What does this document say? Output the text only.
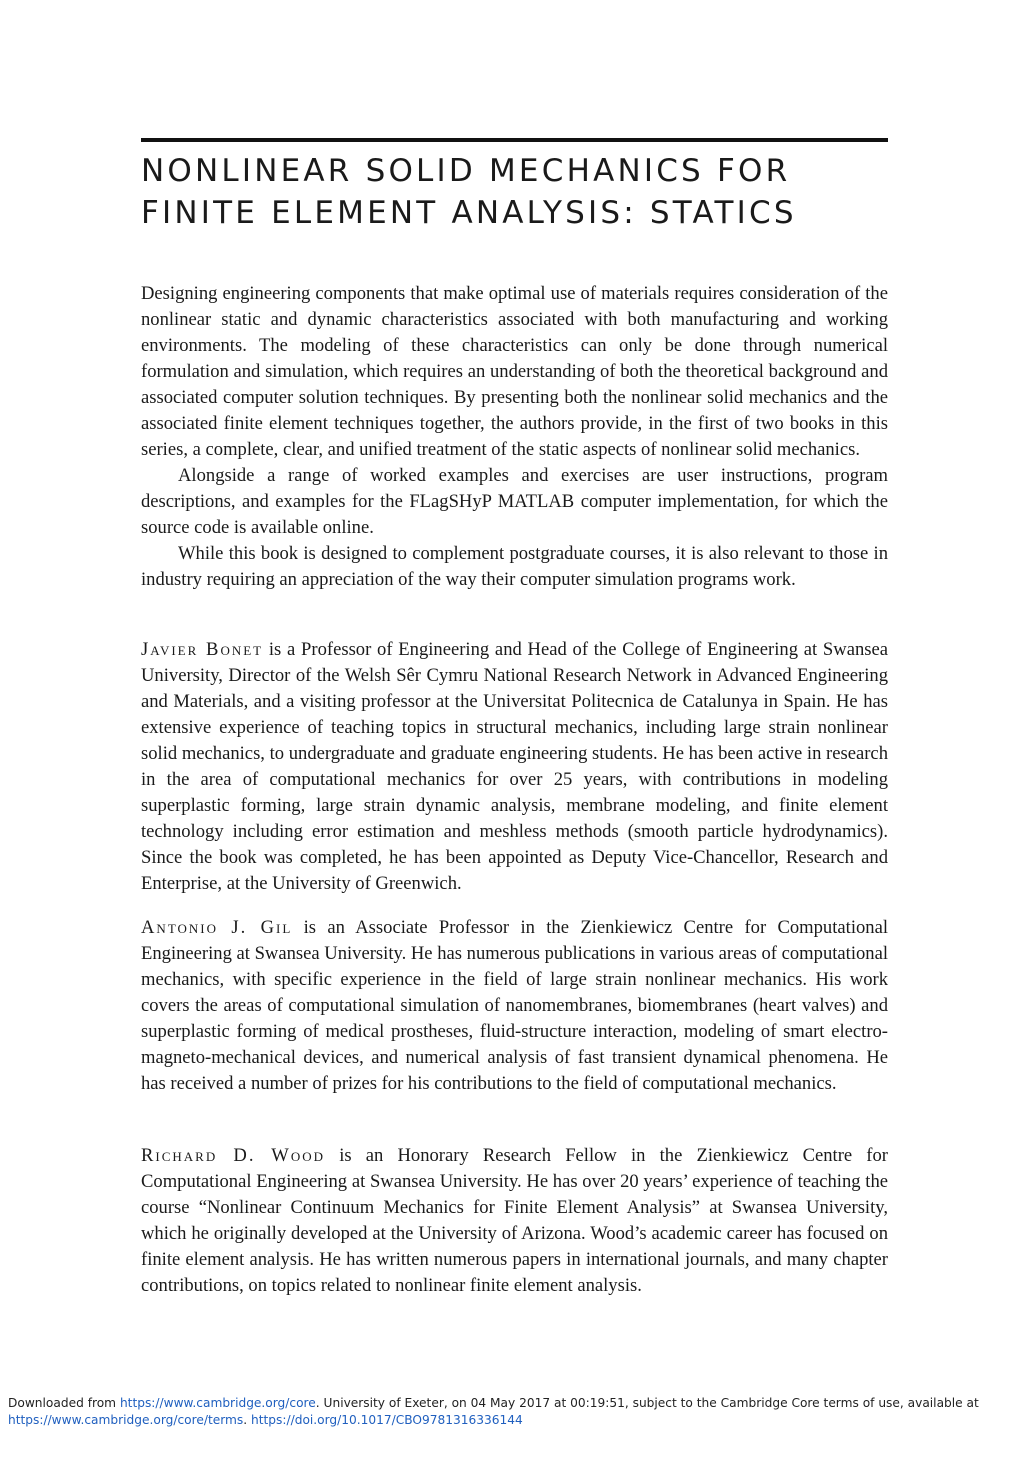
NONLINEAR SOLID MECHANICS FOR
FINITE ELEMENT ANALYSIS: STATICS

Designing engineering components that make optimal use of materials requires consideration of the nonlinear static and dynamic characteristics associated with both manufacturing and working environments. The modeling of these characteristics can only be done through numerical formulation and simulation, which requires an understanding of both the theoretical background and associated computer solution techniques. By presenting both the nonlinear solid mechanics and the associated finite element techniques together, the authors provide, in the first of two books in this series, a complete, clear, and unified treatment of the static aspects of nonlinear solid mechanics.

Alongside a range of worked examples and exercises are user instructions, program descriptions, and examples for the FLagSHyP MATLAB computer implementation, for which the source code is available online.

While this book is designed to complement postgraduate courses, it is also relevant to those in industry requiring an appreciation of the way their computer simulation programs work.

Javier Bonet is a Professor of Engineering and Head of the College of Engineering at Swansea University, Director of the Welsh Sêr Cymru National Research Network in Advanced Engineering and Materials, and a visiting professor at the Universitat Politecnica de Catalunya in Spain. He has extensive experience of teaching topics in structural mechanics, including large strain nonlinear solid mechanics, to undergraduate and graduate engineering students. He has been active in research in the area of computational mechanics for over 25 years, with contributions in modeling superplastic forming, large strain dynamic analysis, membrane modeling, and finite element technology including error estimation and meshless methods (smooth particle hydrodynamics). Since the book was completed, he has been appointed as Deputy Vice-Chancellor, Research and Enterprise, at the University of Greenwich.

Antonio J. Gil is an Associate Professor in the Zienkiewicz Centre for Computational Engineering at Swansea University. He has numerous publications in various areas of computational mechanics, with specific experience in the field of large strain nonlinear mechanics. His work covers the areas of computational simulation of nanomembranes, biomembranes (heart valves) and superplastic forming of medical prostheses, fluid-structure interaction, modeling of smart electro-magneto-mechanical devices, and numerical analysis of fast transient dynamical phenomena. He has received a number of prizes for his contributions to the field of computational mechanics.

Richard D. Wood is an Honorary Research Fellow in the Zienkiewicz Centre for Computational Engineering at Swansea University. He has over 20 years’ experience of teaching the course “Nonlinear Continuum Mechanics for Finite Element Analysis” at Swansea University, which he originally developed at the University of Arizona. Wood’s academic career has focused on finite element analysis. He has written numerous papers in international journals, and many chapter contributions, on topics related to nonlinear finite element analysis.

Downloaded from https://www.cambridge.org/core. University of Exeter, on 04 May 2017 at 00:19:51, subject to the Cambridge Core terms of use, available at
https://www.cambridge.org/core/terms. https://doi.org/10.1017/CBO9781316336144
